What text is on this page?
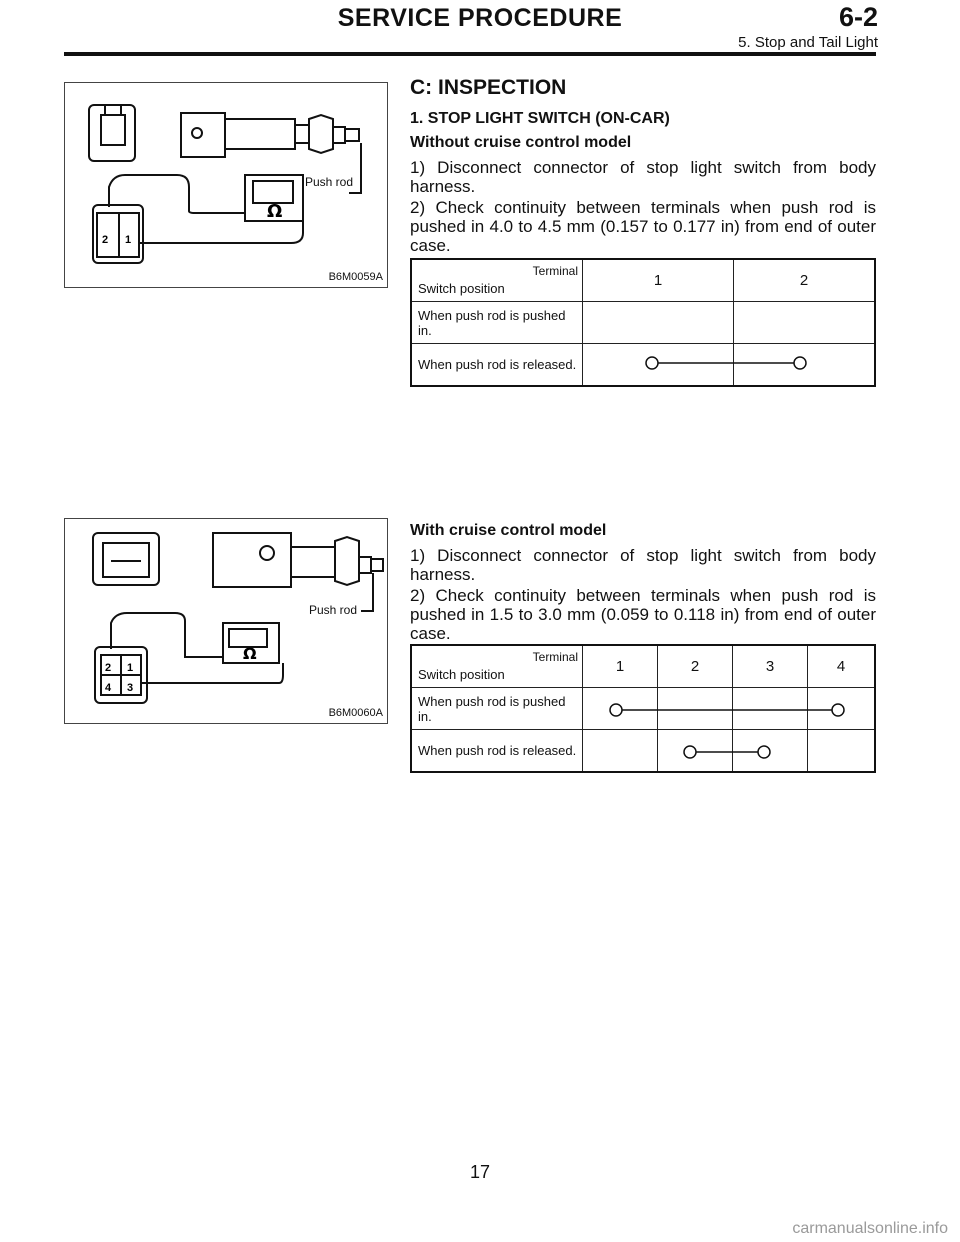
SERVICE PROCEDURE	6-2
5. Stop and Tail Light
2 1
Ω
Push rod
B6M0059A
2 1
4 3
Ω
Push rod
B6M0060A
C: INSPECTION
1. STOP LIGHT SWITCH (ON-CAR)
Without cruise control model
1) Disconnect connector of stop light switch from body harness.
2) Check continuity between terminals when push rod is pushed in 4.0 to 4.5 mm (0.157 to 0.177 in) from end of outer case.
Terminal
Switch position	1	2
When push rod is pushed in.		
When push rod is released.		
With cruise control model
1) Disconnect connector of stop light switch from body harness.
2) Check continuity between terminals when push rod is pushed in 1.5 to 3.0 mm (0.059 to 0.118 in) from end of outer case.
Terminal
Switch position	1	2	3	4
When push rod is pushed in.				
When push rod is released.				
17
carmanualsonline.info
